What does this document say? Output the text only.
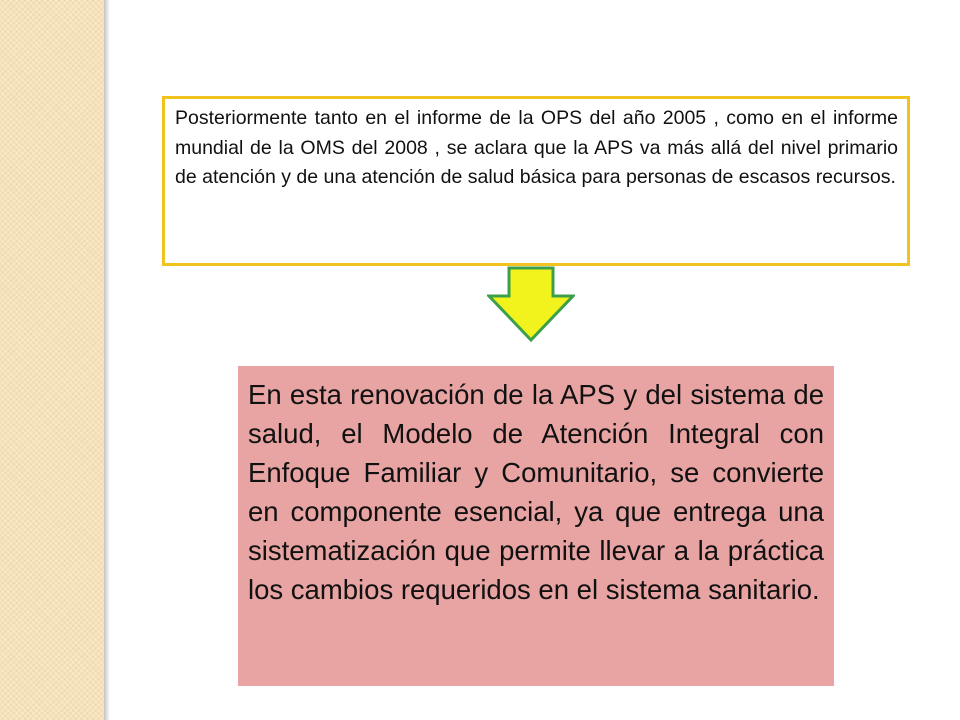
Posteriormente tanto en el informe de la OPS del año 2005 , como en el informe mundial de la OMS del 2008 , se aclara que la APS va más allá del nivel primario de atención y de una atención de salud básica para personas de escasos recursos.
En esta renovación de la APS y del sistema de salud, el Modelo de Atención Integral con Enfoque Familiar y Comunitario, se convierte en componente esencial, ya que entrega una sistematización que permite llevar a la práctica los cambios requeridos en el sistema sanitario.
